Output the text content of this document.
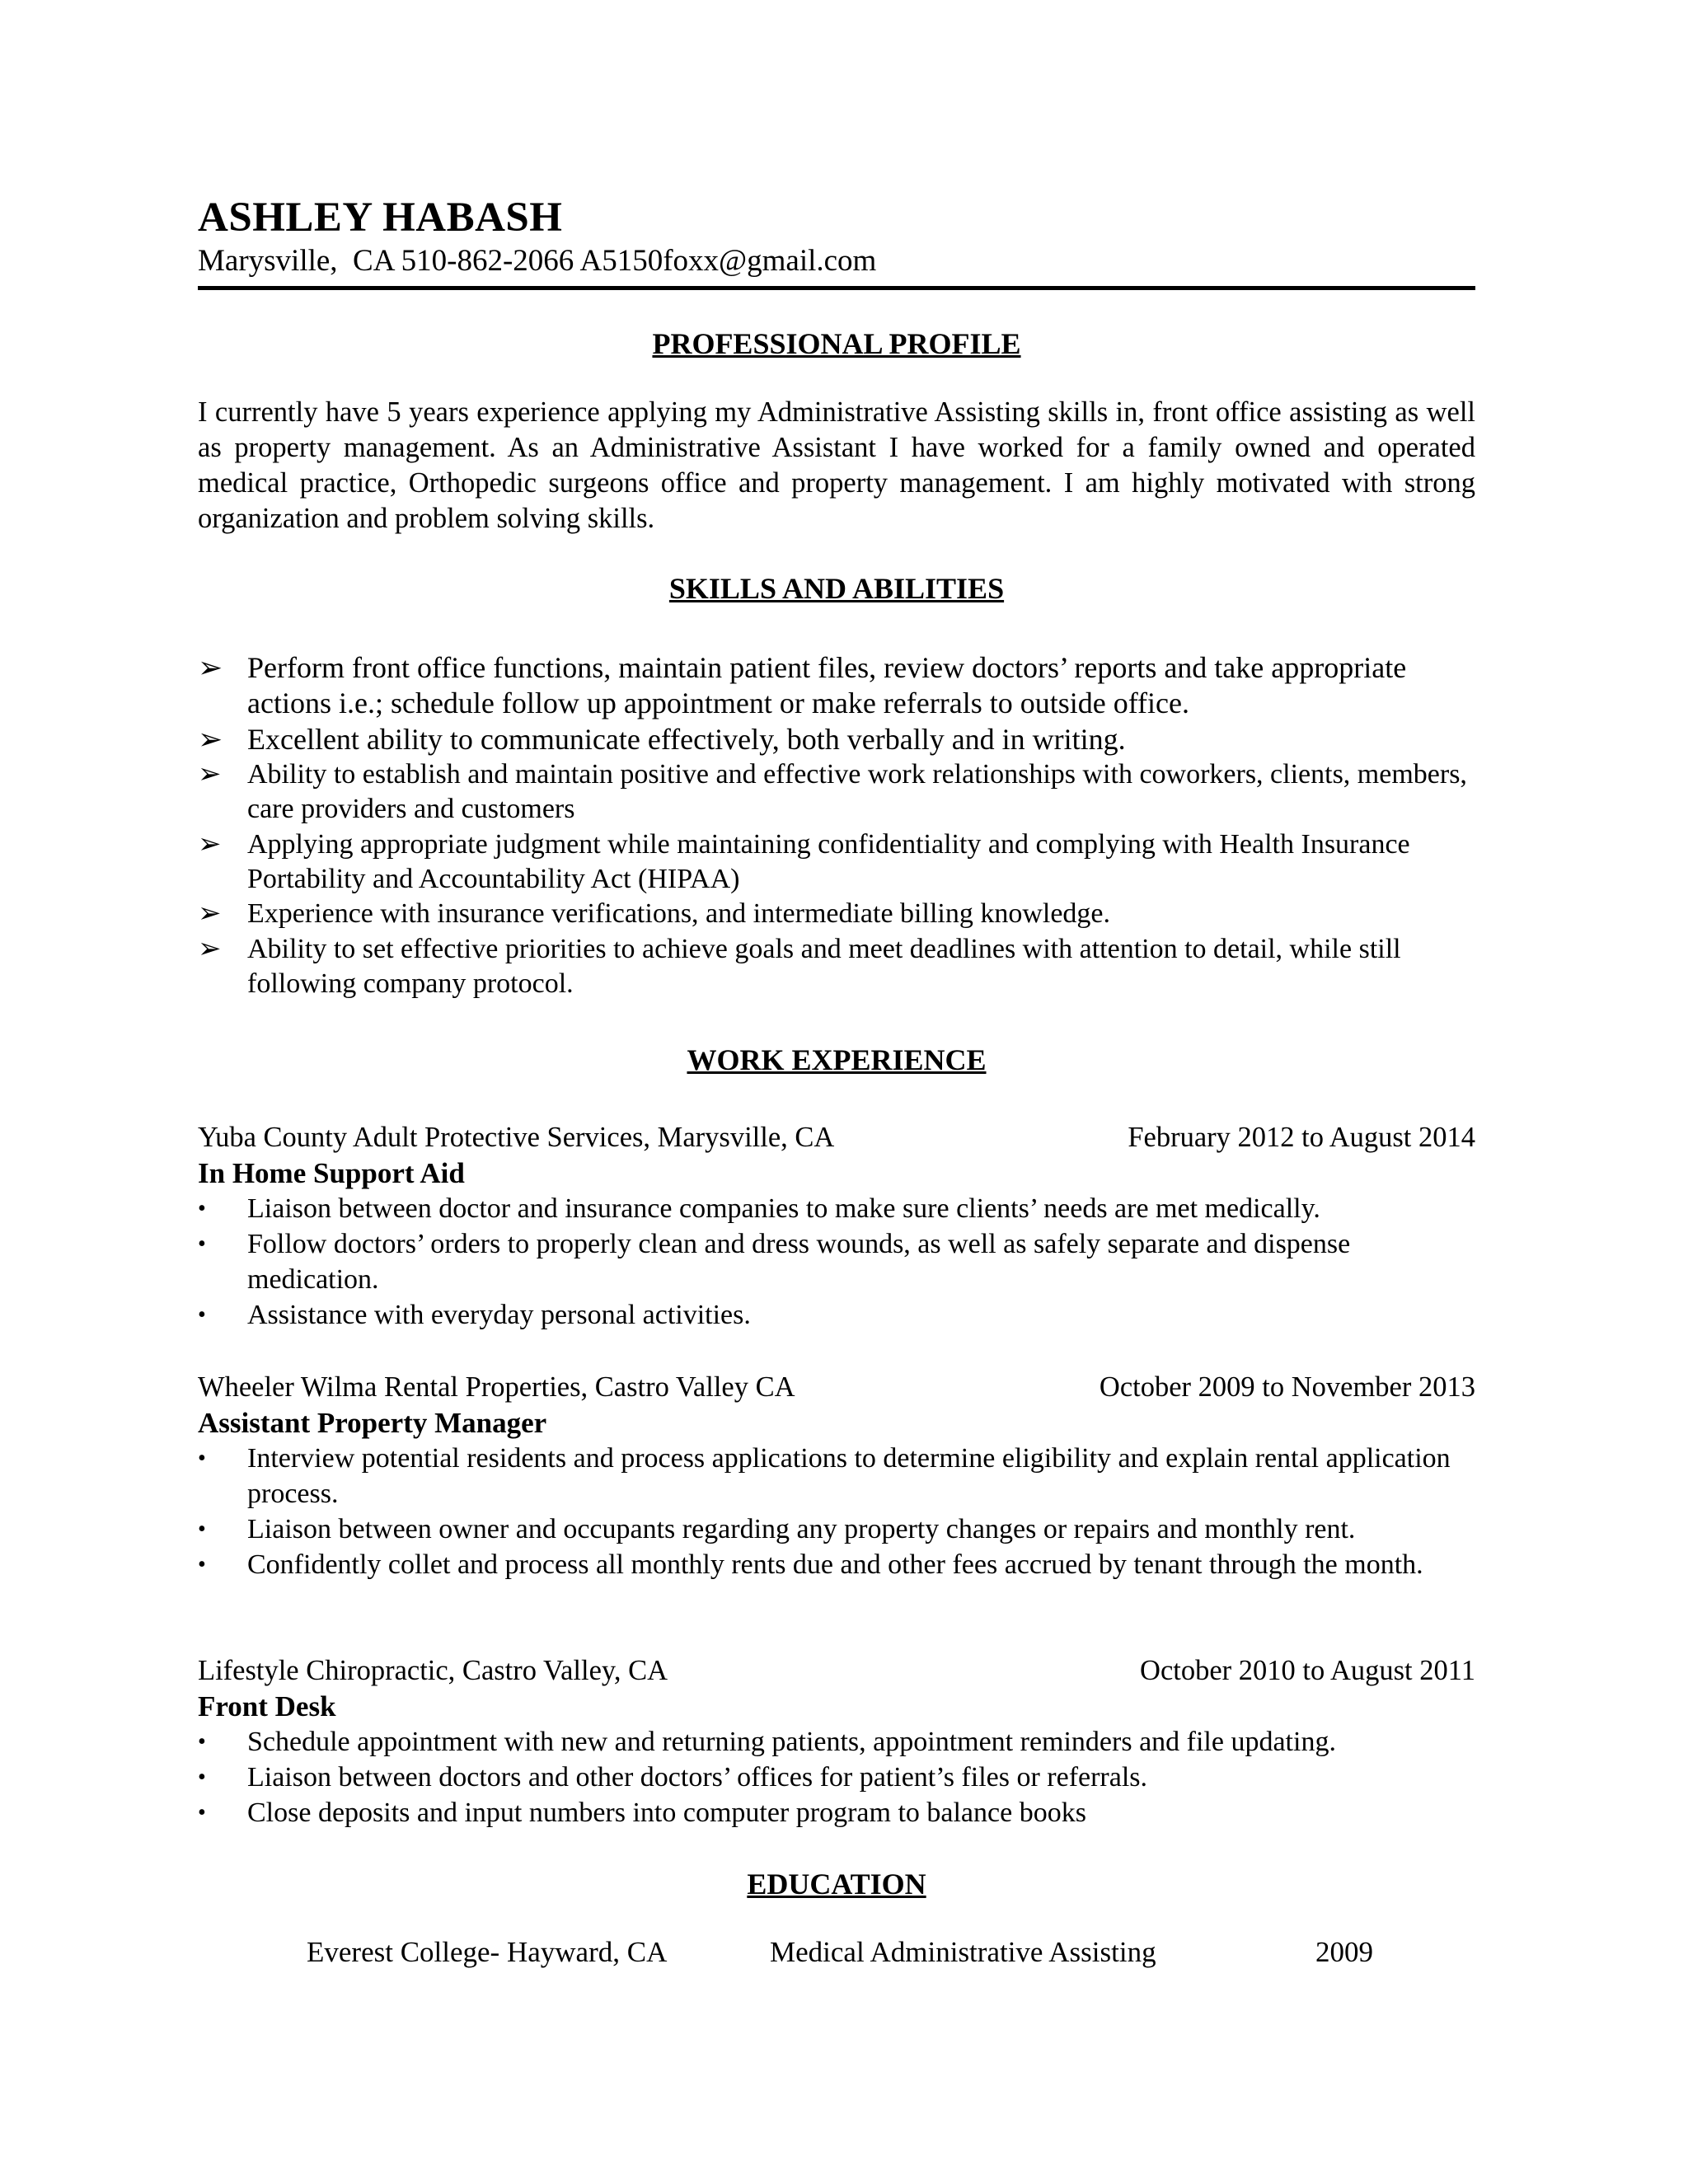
ASHLEY HABASH
Marysville,  CA 510-862-2066 A5150foxx@gmail.com
PROFESSIONAL PROFILE

I currently have 5 years experience applying my Administrative Assisting skills in, front office assisting as well as property management. As an Administrative Assistant I have worked for a family owned and operated medical practice, Orthopedic surgeons office and property management. I am highly motivated with strong organization and problem solving skills.

SKILLS AND ABILITIES
➢ Perform front office functions, maintain patient files, review doctors’ reports and take appropriate actions i.e.; schedule follow up appointment or make referrals to outside office.
➢ Excellent ability to communicate effectively, both verbally and in writing.
➢ Ability to establish and maintain positive and effective work relationships with coworkers, clients, members, care providers and customers
➢ Applying appropriate judgment while maintaining confidentiality and complying with Health Insurance Portability and Accountability Act (HIPAA)
➢ Experience with insurance verifications, and intermediate billing knowledge.
➢ Ability to set effective priorities to achieve goals and meet deadlines with attention to detail, while still following company protocol.
WORK EXPERIENCE
Yuba County Adult Protective Services, Marysville, CA	February 2012 to August 2014
In Home Support Aid
• Liaison between doctor and insurance companies to make sure clients’ needs are met medically.
• Follow doctors’ orders to properly clean and dress wounds, as well as safely separate and dispense medication.
• Assistance with everyday personal activities.
Wheeler Wilma Rental Properties, Castro Valley CA	October 2009 to November 2013
Assistant Property Manager
• Interview potential residents and process applications to determine eligibility and explain rental application process.
• Liaison between owner and occupants regarding any property changes or repairs and monthly rent.
• Confidently collet and process all monthly rents due and other fees accrued by tenant through the month.
Lifestyle Chiropractic, Castro Valley, CA	October 2010 to August 2011
Front Desk
• Schedule appointment with new and returning patients, appointment reminders and file updating.
• Liaison between doctors and other doctors’ offices for patient’s files or referrals.
• Close deposits and input numbers into computer program to balance books
EDUCATION
Everest College- Hayward, CA	Medical Administrative Assisting	2009
